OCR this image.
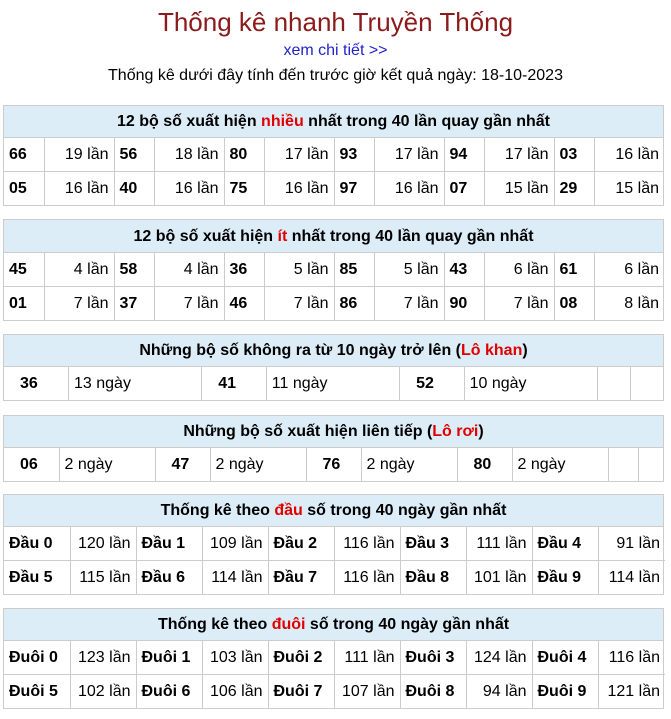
Thống kê nhanh Truyền Thống
xem chi tiết >>
Thống kê dưới đây tính đến trước giờ kết quả ngày: 18-10-2023
12 bộ số xuất hiện nhiều nhất trong 40 lần quay gần nhất
66	19 lần	56	18 lần	80	17 lần	93	17 lần	94	17 lần	03	16 lần
05	16 lần	40	16 lần	75	16 lần	97	16 lần	07	15 lần	29	15 lần
12 bộ số xuất hiện ít nhất trong 40 lần quay gần nhất
45	4 lần	58	4 lần	36	5 lần	85	5 lần	43	6 lần	61	6 lần
01	7 lần	37	7 lần	46	7 lần	86	7 lần	90	7 lần	08	8 lần
Những bộ số không ra từ 10 ngày trở lên (Lô khan)
36	13 ngày	41	11 ngày	52	10 ngày		
Những bộ số xuất hiện liên tiếp (Lô rơi)
06	2 ngày	47	2 ngày	76	2 ngày	80	2 ngày		
Thống kê theo đầu số trong 40 ngày gần nhất
Đầu 0	120 lần	Đầu 1	109 lần	Đầu 2	116 lần	Đầu 3	111 lần	Đầu 4	91 lần
Đầu 5	115 lần	Đầu 6	114 lần	Đầu 7	116 lần	Đầu 8	101 lần	Đầu 9	114 lần
Thống kê theo đuôi số trong 40 ngày gần nhất
Đuôi 0	123 lần	Đuôi 1	103 lần	Đuôi 2	111 lần	Đuôi 3	124 lần	Đuôi 4	116 lần
Đuôi 5	102 lần	Đuôi 6	106 lần	Đuôi 7	107 lần	Đuôi 8	94 lần	Đuôi 9	121 lần
